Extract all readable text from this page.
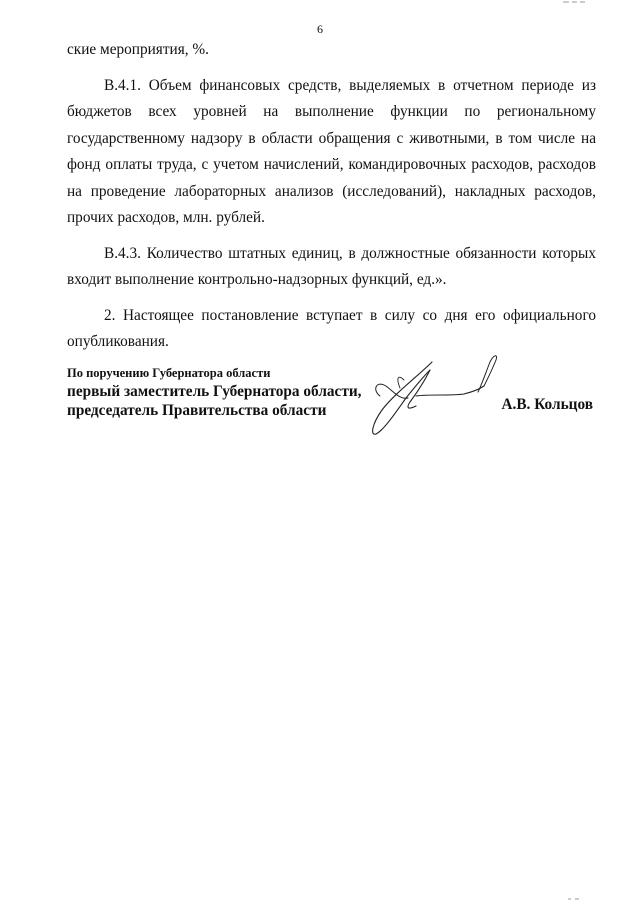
6

ские мероприятия, %.

В.4.1. Объем финансовых средств, выделяемых в отчетном периоде из бюджетов всех уровней на выполнение функции по региональному государственному надзору в области обращения с животными, в том числе на фонд оплаты труда, с учетом начислений, командировочных расходов, расходов на проведение лабораторных анализов (исследований), накладных расходов, прочих расходов, млн. рублей.

В.4.3. Количество штатных единиц, в должностные обязанности которых входит выполнение контрольно-надзорных функций, ед.».

2. Настоящее постановление вступает в силу со дня его официального опубликования.

По поручению Губернатора области
первый заместитель Губернатора области,
председатель Правительства области	А.В. Кольцов
